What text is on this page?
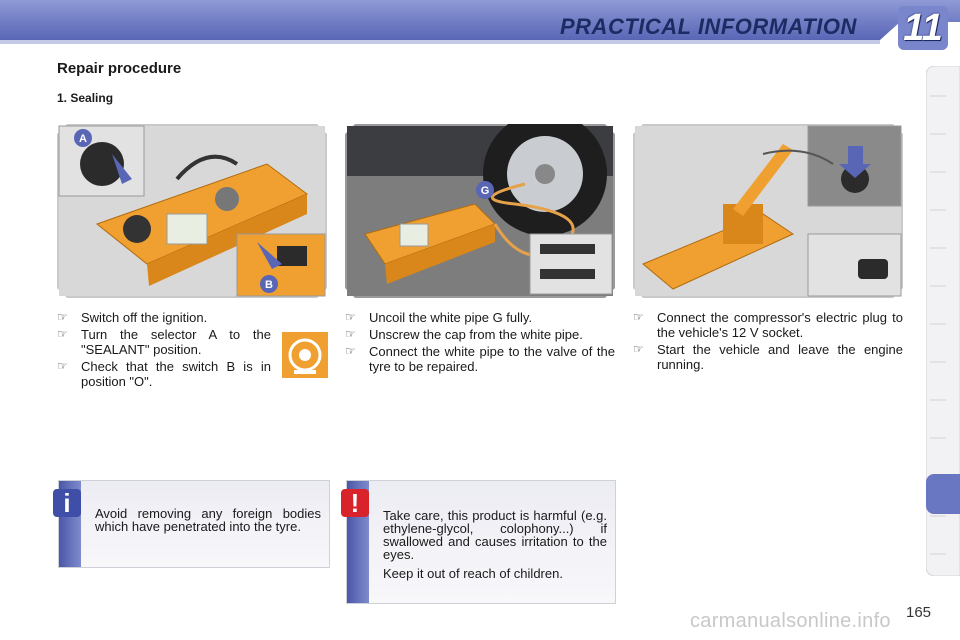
PRACTICAL INFORMATION 11
Repair procedure
1. Sealing
A
B
G
☞ Switch off the ignition.
☞ Turn the selector A to the "SEALANT" position.
☞ Check that the switch B is in position "O".
☞ Uncoil the white pipe G fully.
☞ Unscrew the cap from the white pipe.
☞ Connect the white pipe to the valve of the tyre to be repaired.
☞ Connect the compressor's electric plug to the vehicle's 12 V socket.
☞ Start the vehicle and leave the engine running.
i	Avoid removing any foreign bodies which have penetrated into the tyre.
!	Take care, this product is harmful (e.g. ethylene-glycol, colophony...) if swallowed and causes irritation to the eyes.

Keep it out of reach of children.

165
carmanualsonline.info
